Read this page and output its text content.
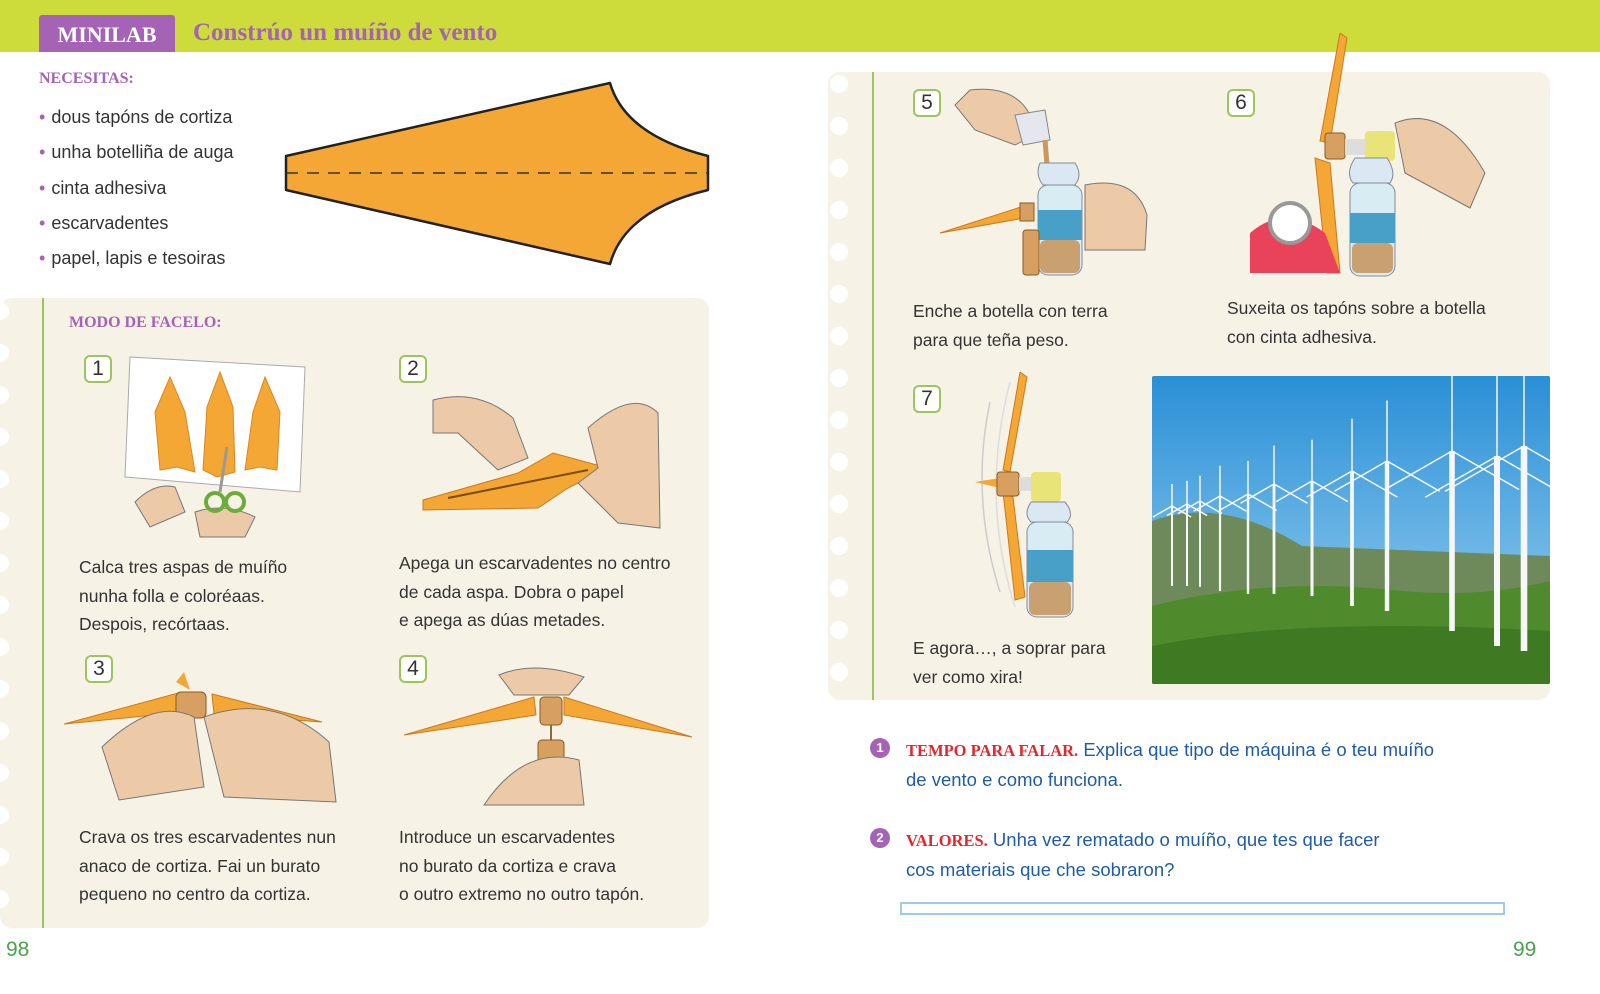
MINILAB	Constrúo un muíño de vento
NECESITAS:
• dous tapóns de cortiza
• unha botelliña de auga
• cinta adhesiva
• escarvadentes
• papel, lapis e tesoiras
MODO DE FACELO:
1
Calca tres aspas de muíño
nunha folla e coloréaas.
Despois, recórtaas.
2
Apega un escarvadentes no centro
de cada aspa. Dobra o papel
e apega as dúas metades.
3
Crava os tres escarvadentes nun
anaco de cortiza. Fai un burato
pequeno no centro da cortiza.
4
Introduce un escarvadentes
no burato da cortiza e crava
o outro extremo no outro tapón.
5
Enche a botella con terra
para que teña peso.
6
Suxeita os tapóns sobre a botella
con cinta adhesiva.
7
E agora…, a soprar para
ver como xira!
1	TEMPO PARA FALAR. Explica que tipo de máquina é o teu muíño
de vento e como funciona.
2	VALORES. Unha vez rematado o muíño, que tes que facer
cos materiais que che sobraron?
98	99
